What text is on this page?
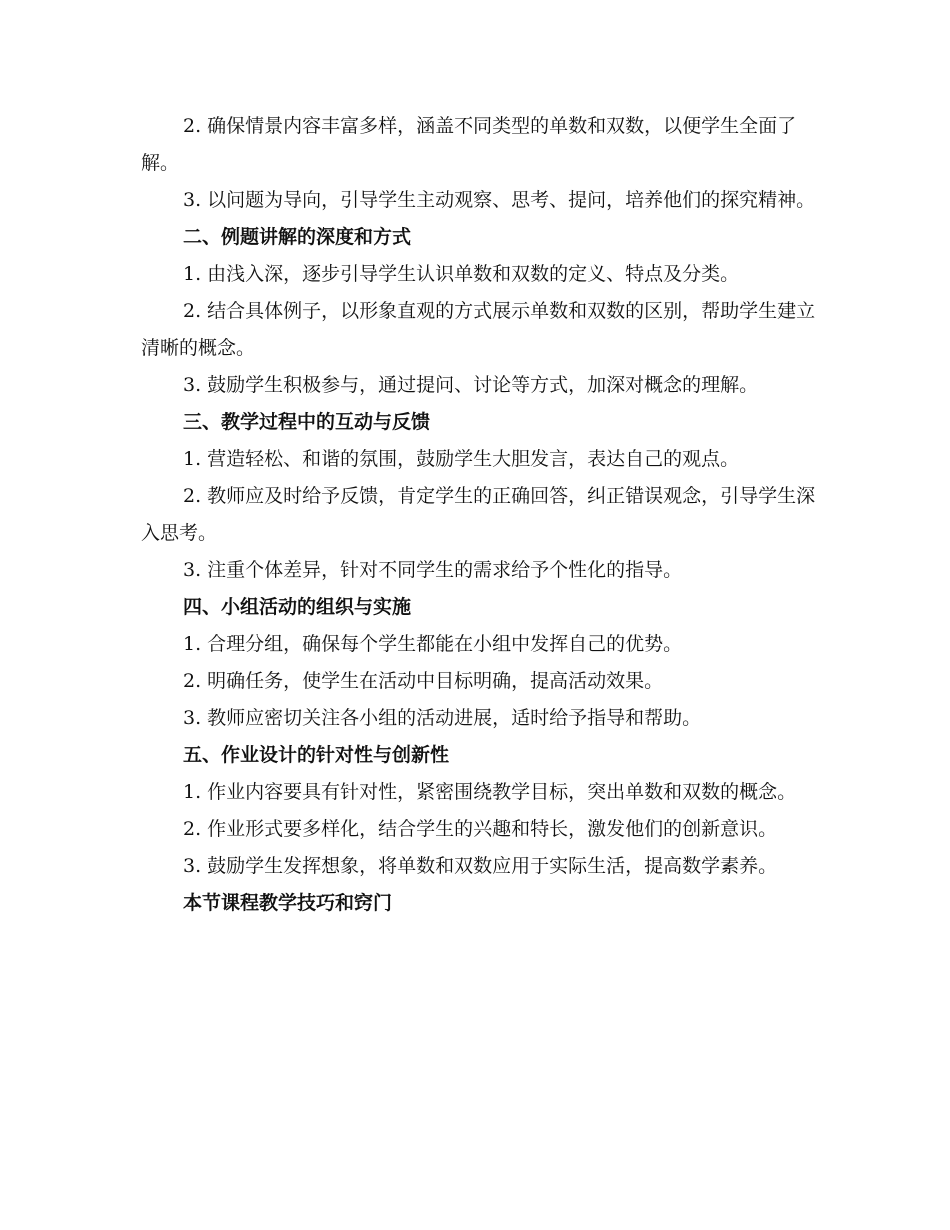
2. 确保情景内容丰富多样，涵盖不同类型的单数和双数，以便学生全面了解。

3. 以问题为导向，引导学生主动观察、思考、提问，培养他们的探究精神。

二、例题讲解的深度和方式

1. 由浅入深，逐步引导学生认识单数和双数的定义、特点及分类。

2. 结合具体例子，以形象直观的方式展示单数和双数的区别，帮助学生建立清晰的概念。

3. 鼓励学生积极参与，通过提问、讨论等方式，加深对概念的理解。

三、教学过程中的互动与反馈

1. 营造轻松、和谐的氛围，鼓励学生大胆发言，表达自己的观点。

2. 教师应及时给予反馈，肯定学生的正确回答，纠正错误观念，引导学生深入思考。

3. 注重个体差异，针对不同学生的需求给予个性化的指导。

四、小组活动的组织与实施

1. 合理分组，确保每个学生都能在小组中发挥自己的优势。

2. 明确任务，使学生在活动中目标明确，提高活动效果。

3. 教师应密切关注各小组的活动进展，适时给予指导和帮助。

五、作业设计的针对性与创新性

1. 作业内容要具有针对性，紧密围绕教学目标，突出单数和双数的概念。

2. 作业形式要多样化，结合学生的兴趣和特长，激发他们的创新意识。

3. 鼓励学生发挥想象，将单数和双数应用于实际生活，提高数学素养。

本节课程教学技巧和窍门
